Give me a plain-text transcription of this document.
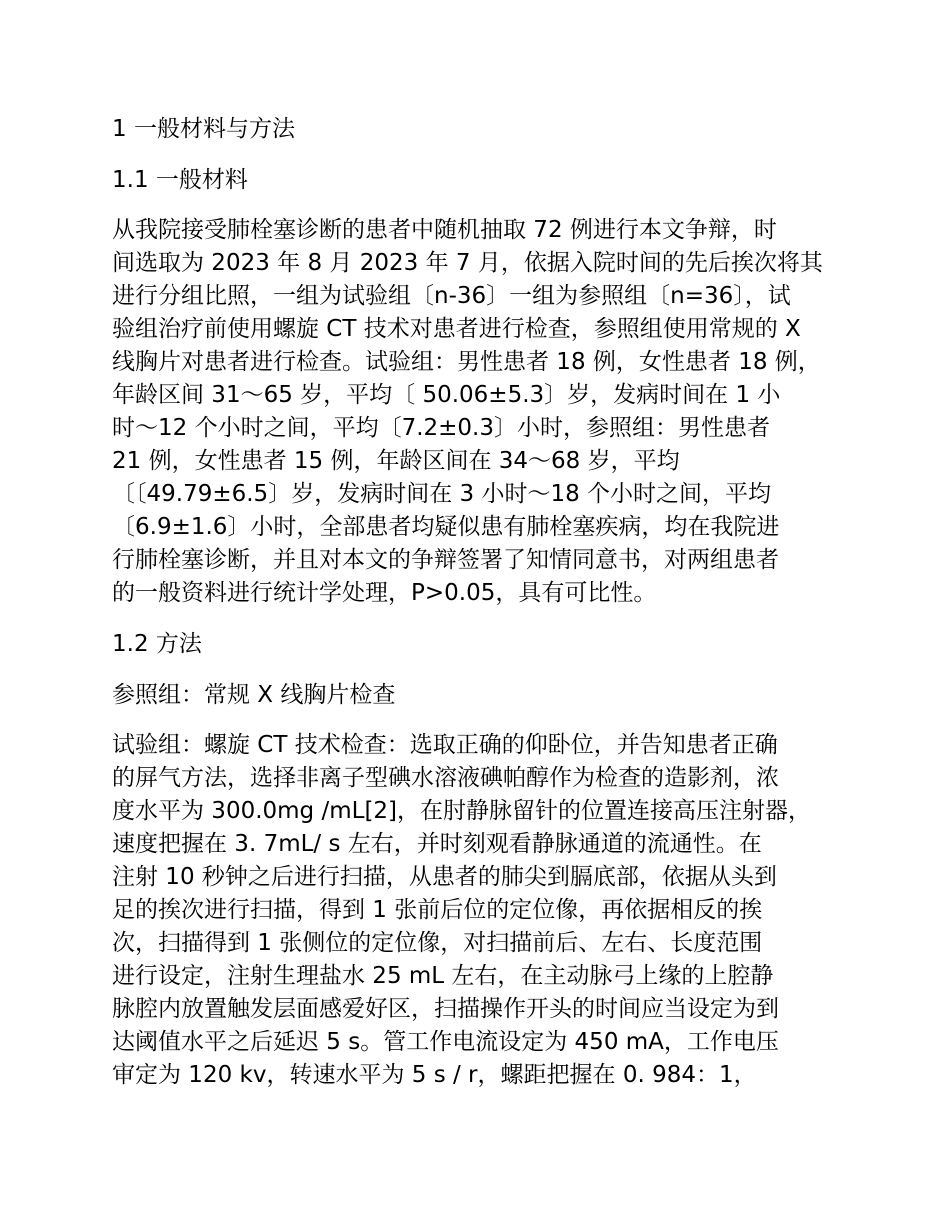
1 一般材料与方法
1.1 一般材料
从我院接受肺栓塞诊断的患者中随机抽取 72 例进行本文争辩，时
间选取为 2023 年 8 月 2023 年 7 月，依据入院时间的先后挨次将其
进行分组比照，一组为试验组〔n-36〕一组为参照组〔n=36〕，试
验组治疗前使用螺旋 CT 技术对患者进行检查，参照组使用常规的 X
线胸片对患者进行检查。试验组：男性患者 18 例，女性患者 18 例，
年龄区间 31～65 岁，平均〔 50.06±5.3〕岁，发病时间在 1 小
时～12 个小时之间，平均〔7.2±0.3〕小时，参照组：男性患者
21 例，女性患者 15 例，年龄区间在 34～68 岁，平均
〔〔49.79±6.5〕岁，发病时间在 3 小时～18 个小时之间，平均
〔6.9±1.6〕小时，全部患者均疑似患有肺栓塞疾病，均在我院进
行肺栓塞诊断，并且对本文的争辩签署了知情同意书，对两组患者
的一般资料进行统计学处理，P>0.05，具有可比性。
1.2 方法
参照组：常规 X 线胸片检查
试验组：螺旋 CT 技术检查：选取正确的仰卧位，并告知患者正确
的屏气方法，选择非离子型碘水溶液碘帕醇作为检查的造影剂，浓
度水平为 300.0mg /mL[2]，在肘静脉留针的位置连接高压注射器，
速度把握在 3. 7mL/ s 左右，并时刻观看静脉通道的流通性。在
注射 10 秒钟之后进行扫描，从患者的肺尖到膈底部，依据从头到
足的挨次进行扫描，得到 1 张前后位的定位像，再依据相反的挨
次，扫描得到 1 张侧位的定位像，对扫描前后、左右、长度范围
进行设定，注射生理盐水 25 mL 左右，在主动脉弓上缘的上腔静
脉腔内放置触发层面感爱好区，扫描操作开头的时间应当设定为到
达阈值水平之后延迟 5 s。管工作电流设定为 450 mA，工作电压
审定为 120 kv，转速水平为 5 s / r，螺距把握在 0. 984：1，
